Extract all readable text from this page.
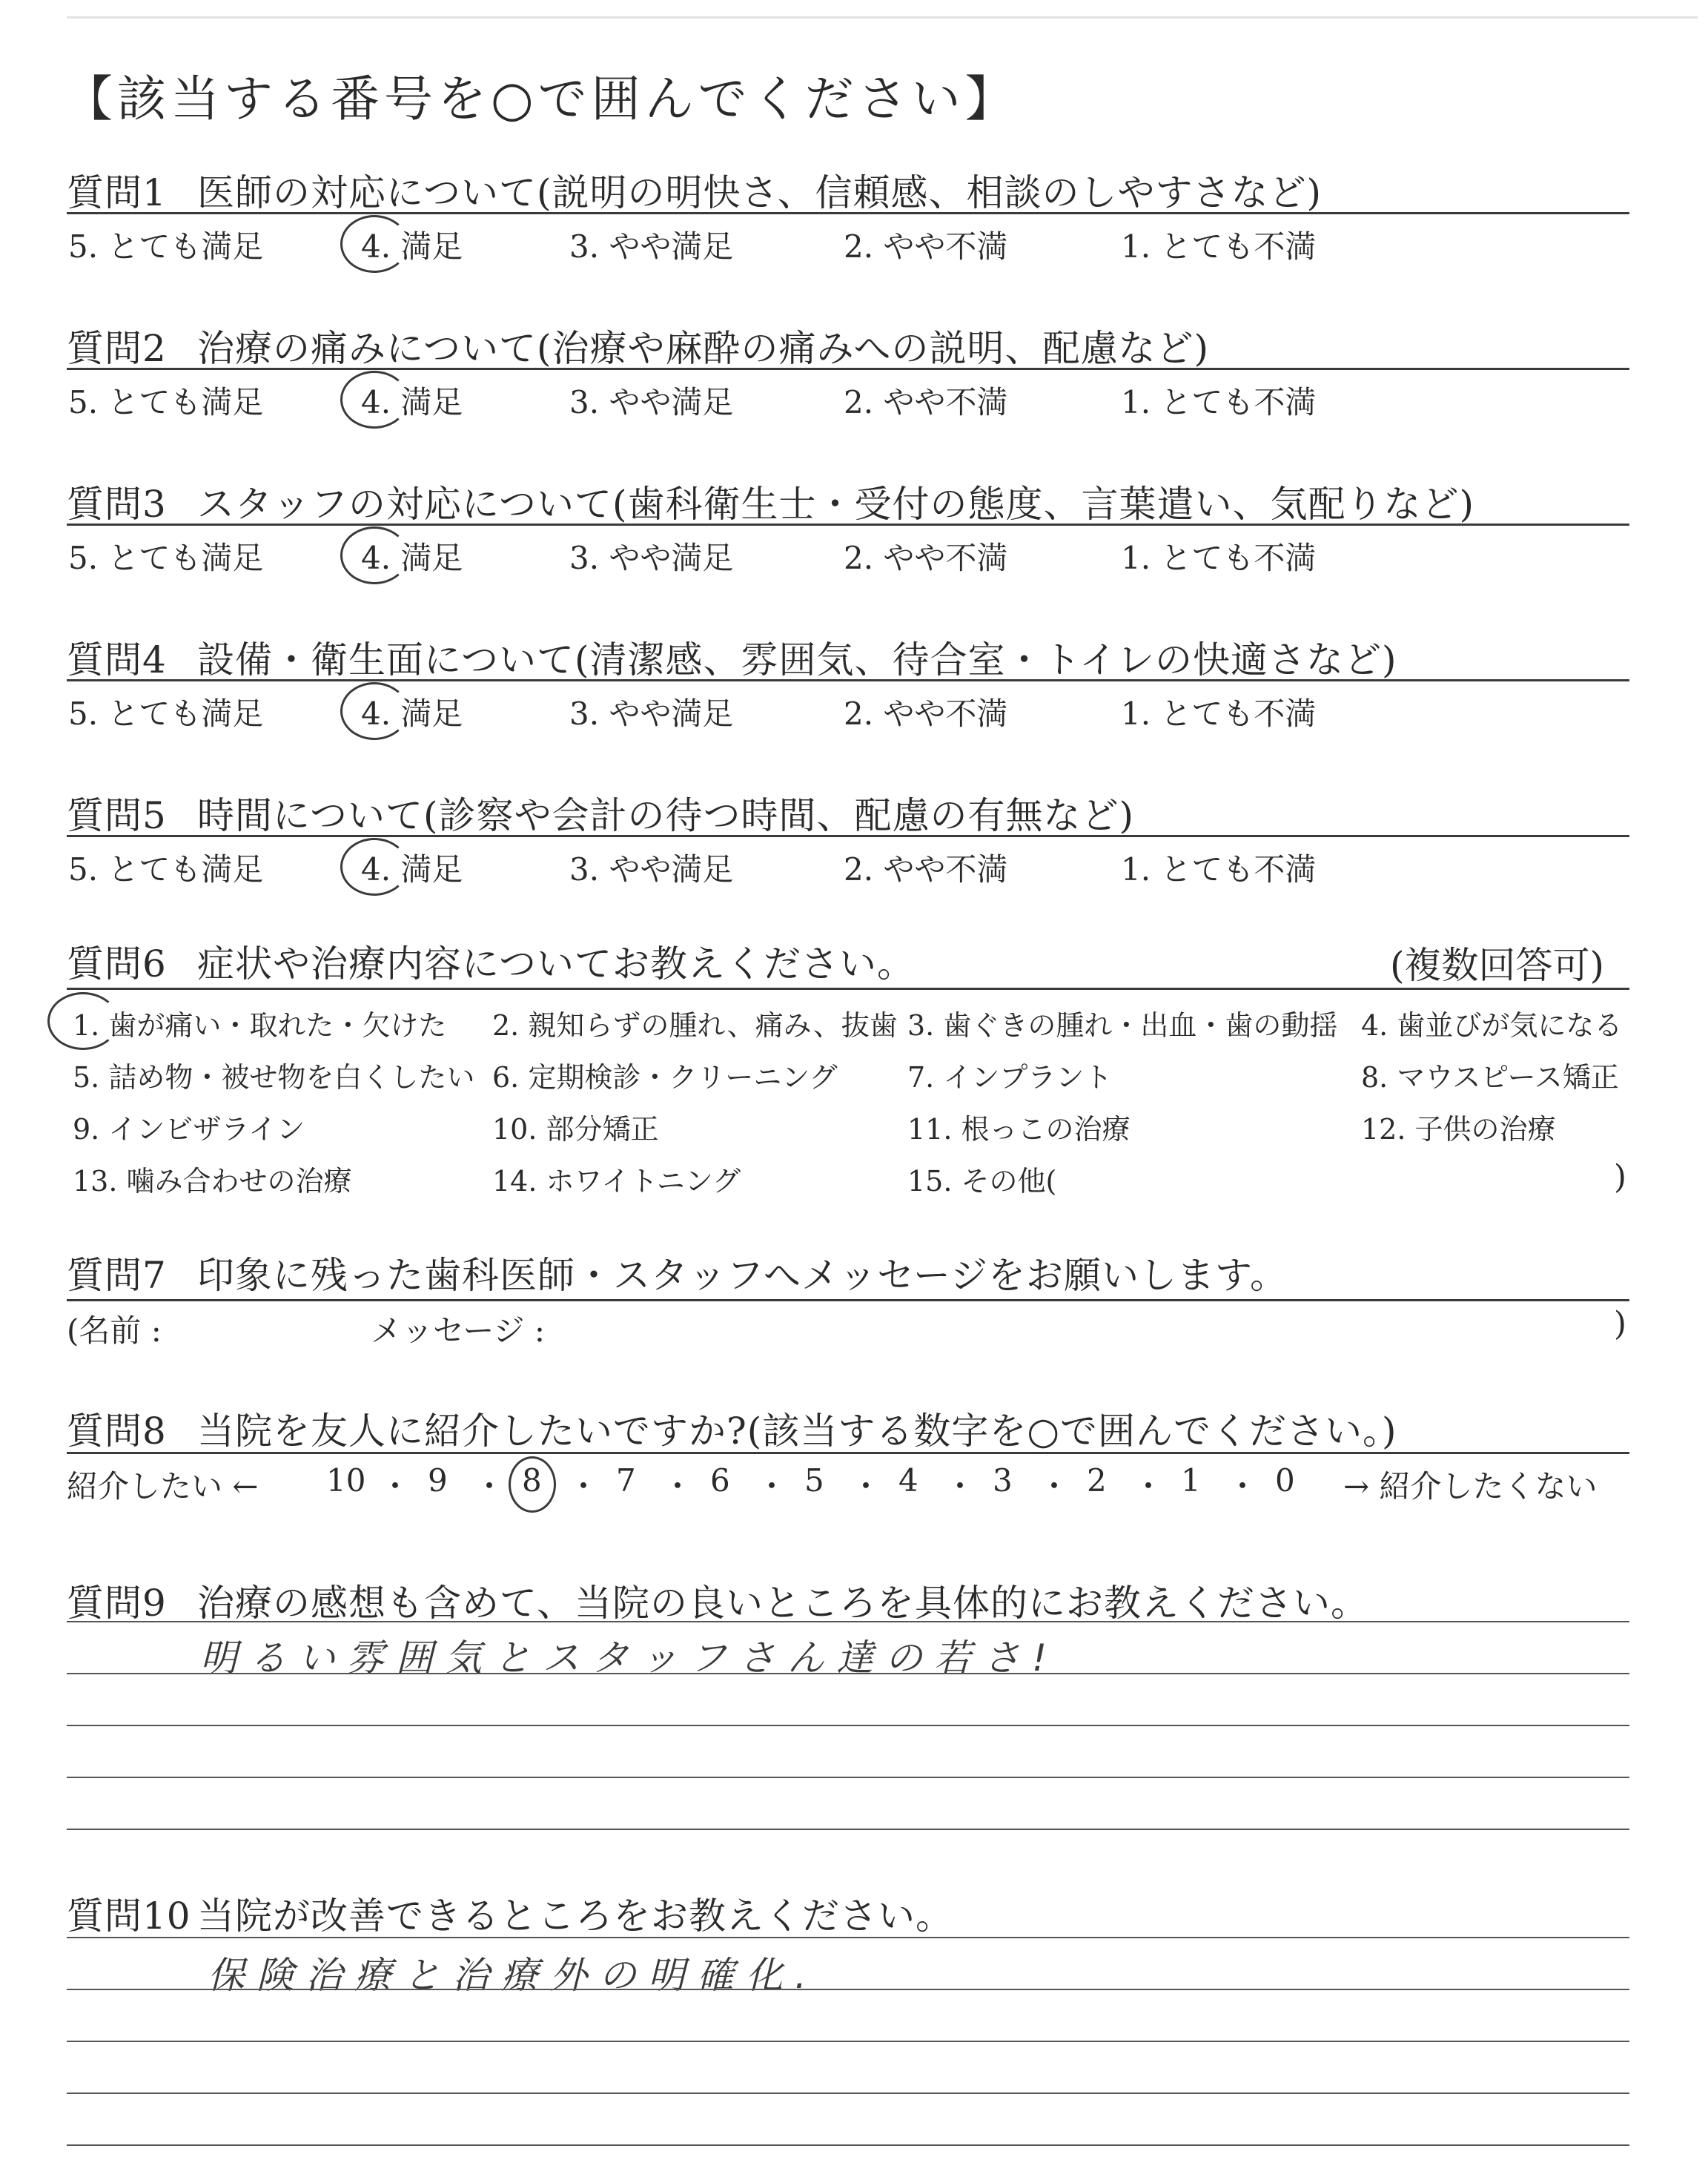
【該当する番号を○で囲んでください】
質問1 医師の対応について(説明の明快さ、信頼感、相談のしやすさなど)
5. とても満足	4. 満足	3. やや満足	2. やや不満	1. とても不満
質問2 治療の痛みについて(治療や麻酔の痛みへの説明、配慮など)
5. とても満足	4. 満足	3. やや満足	2. やや不満	1. とても不満
質問3 スタッフの対応について(歯科衛生士・受付の態度、言葉遣い、気配りなど)
5. とても満足	4. 満足	3. やや満足	2. やや不満	1. とても不満
質問4 設備・衛生面について(清潔感、雰囲気、待合室・トイレの快適さなど)
5. とても満足	4. 満足	3. やや満足	2. やや不満	1. とても不満
質問5 時間について(診察や会計の待つ時間、配慮の有無など)
5. とても満足	4. 満足	3. やや満足	2. やや不満	1. とても不満
質問6 症状や治療内容についてお教えください。	(複数回答可)
1. 歯が痛い・取れた・欠けた 2. 親知らずの腫れ、痛み、抜歯 3. 歯ぐきの腫れ・出血・歯の動揺 4. 歯並びが気になる
5. 詰め物・被せ物を白くしたい 6. 定期検診・クリーニング 7. インプラント	8. マウスピース矯正
9. インビザライン	10. 部分矯正	11. 根っこの治療	12. 子供の治療
13. 噛み合わせの治療	14. ホワイトニング	15. その他(	)
質問7 印象に残った歯科医師・スタッフへメッセージをお願いします。
(名前 :	メッセージ :	)
質問8 当院を友人に紹介したいですか?(該当する数字を○で囲んでください。)
紹介したい ← 10 ・ 9 ・ 8 ・ 7 ・ 6 ・ 5 ・ 4 ・ 3 ・ 2 ・ 1 ・ 0 → 紹介したくない
質問9 治療の感想も含めて、当院の良いところを具体的にお教えください。
明るい雰囲気とスタッフさん達の若さ!
質問10 当院が改善できるところをお教えください。
保険治療と治療外の明確化.
